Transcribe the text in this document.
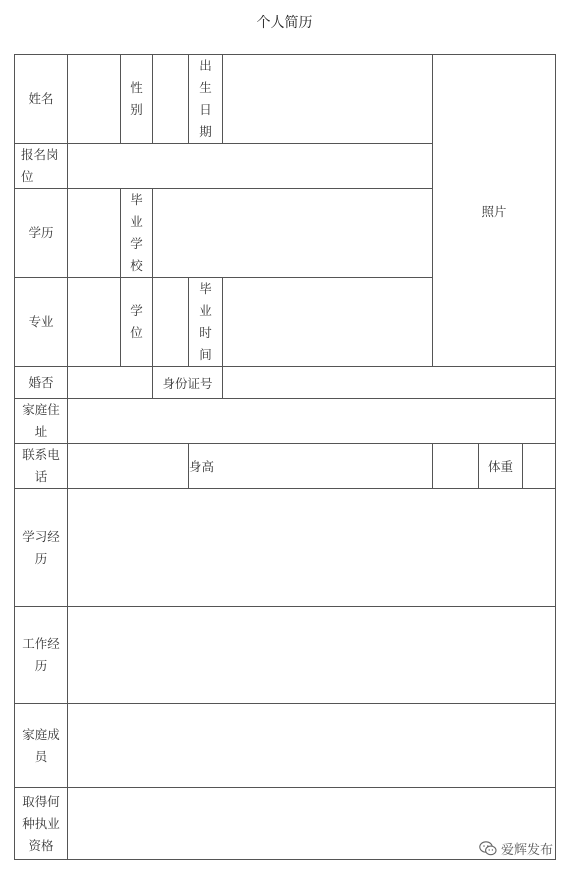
个人简历
姓名		性别		出生日期		照片		
报名岗位								
学历		毕业学校						
专业		学位		毕业时间				
婚否			身份证号					
家庭住址								
联系电话				身高			体重	
学习经历								
工作经历								
家庭成员								
取得何种执业资格									爱辉发布
